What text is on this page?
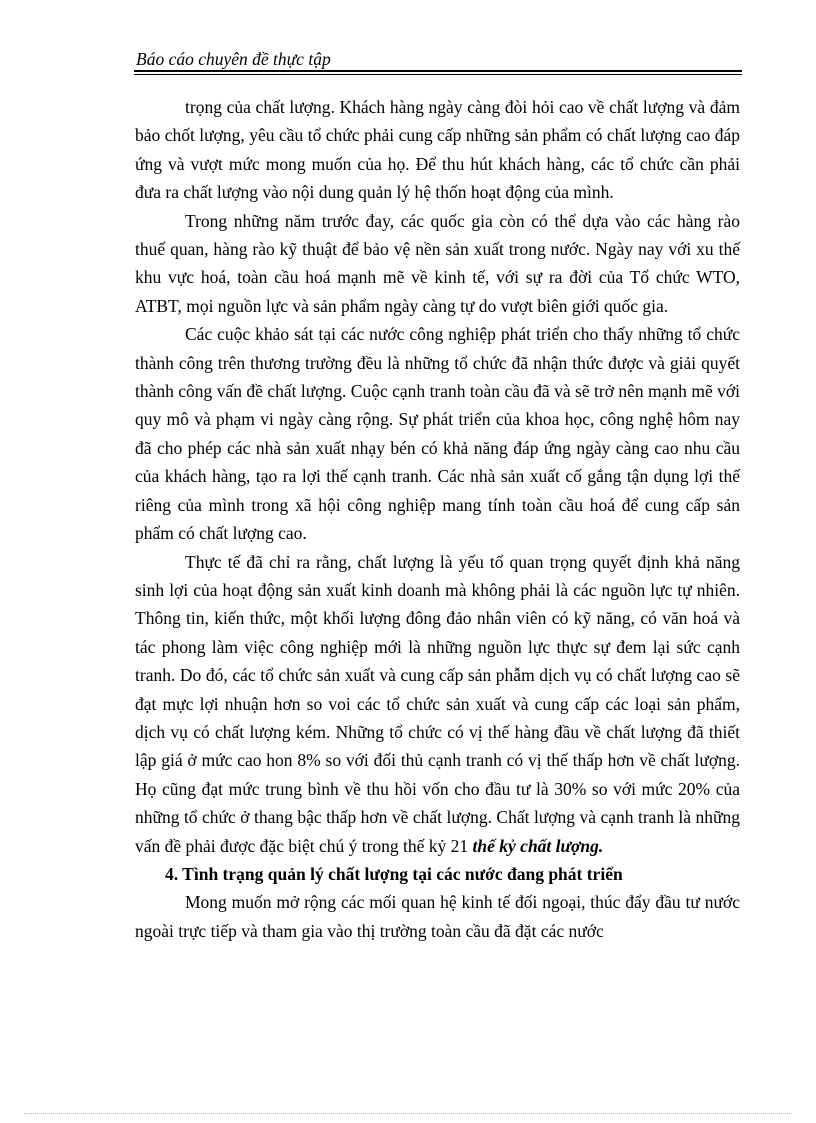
Báo cáo chuyên đề thực tập

trọng của chất lượng. Khách hàng ngày càng đòi hỏi cao về chất lượng và đảm bảo chốt lượng, yêu cầu tổ chức phải cung cấp những sản phẩm có chất lượng cao đáp ứng và vượt mức mong muốn của họ. Để thu hút khách hàng, các tổ chức cần phải đưa ra chất lượng vào nội dung quản lý hệ thốn hoạt động của mình.

Trong những năm trước đay, các quốc gia còn có thể dựa vào các hàng rào thuế quan, hàng rào kỹ thuật để bảo vệ nền sản xuất trong nước. Ngày nay với xu thế khu vực hoá, toàn cầu hoá mạnh mẽ về kinh tế, với sự ra đời của Tổ chức WTO, ATBT, mọi nguồn lực và sản phẩm ngày càng tự do vượt biên giới quốc gia.

Các cuộc khảo sát tại các nước công nghiệp phát triển cho thấy những tổ chức thành công trên thương trường đều là những tổ chức đã nhận thức được và giải quyết thành công vấn đề chất lượng. Cuộc cạnh tranh toàn cầu đã và sẽ trở nên mạnh mẽ với quy mô và phạm vi ngày càng rộng. Sự phát triển của khoa học, công nghệ hôm nay đã cho phép các nhà sản xuất nhạy bén có khả năng đáp ứng ngày càng cao nhu cầu của khách hàng, tạo ra lợi thế cạnh tranh. Các nhà sản xuất cố gắng tận dụng lợi thế riêng của mình trong xã hội công nghiệp mang tính toàn cầu hoá để cung cấp sản phẩm có chất lượng cao.

Thực tế đã chỉ ra rằng, chất lượng là yếu tố quan trọng quyết định khả năng sinh lợi của hoạt động sản xuất kinh doanh mà không phải là các nguồn lực tự nhiên. Thông tin, kiến thức, một khối lượng đông đảo nhân viên có kỹ năng, có văn hoá và tác phong làm việc công nghiệp mới là những nguồn lực thực sự đem lại sức cạnh tranh. Do đó, các tổ chức sản xuất và cung cấp sản phẫm dịch vụ có chất lượng cao sẽ đạt mực lợi nhuận hơn so voi các tổ chức sản xuất và cung cấp các loại sản phẩm, dịch vụ có chất lượng kém. Những tổ chức có vị thế hàng đầu về chất lượng đã thiết lập giá ở mức cao hon 8% so với đối thủ cạnh tranh có vị thế thấp hơn về chất lượng. Họ cũng đạt mức trung bình về thu hồi vốn cho đầu tư là 30% so với mức 20% của những tổ chức ở thang bậc thấp hơn về chất lượng. Chất lượng và cạnh tranh là những vấn đề phải được đặc biệt chú ý trong thế kỷ 21 thế kỷ chất lượng.

4. Tình trạng quản lý chất lượng tại các nước đang phát triển

Mong muốn mở rộng các mối quan hệ kinh tế đối ngoại, thúc đẩy đầu tư nước ngoài trực tiếp và tham gia vào thị trường toàn cầu đã đặt các nước
